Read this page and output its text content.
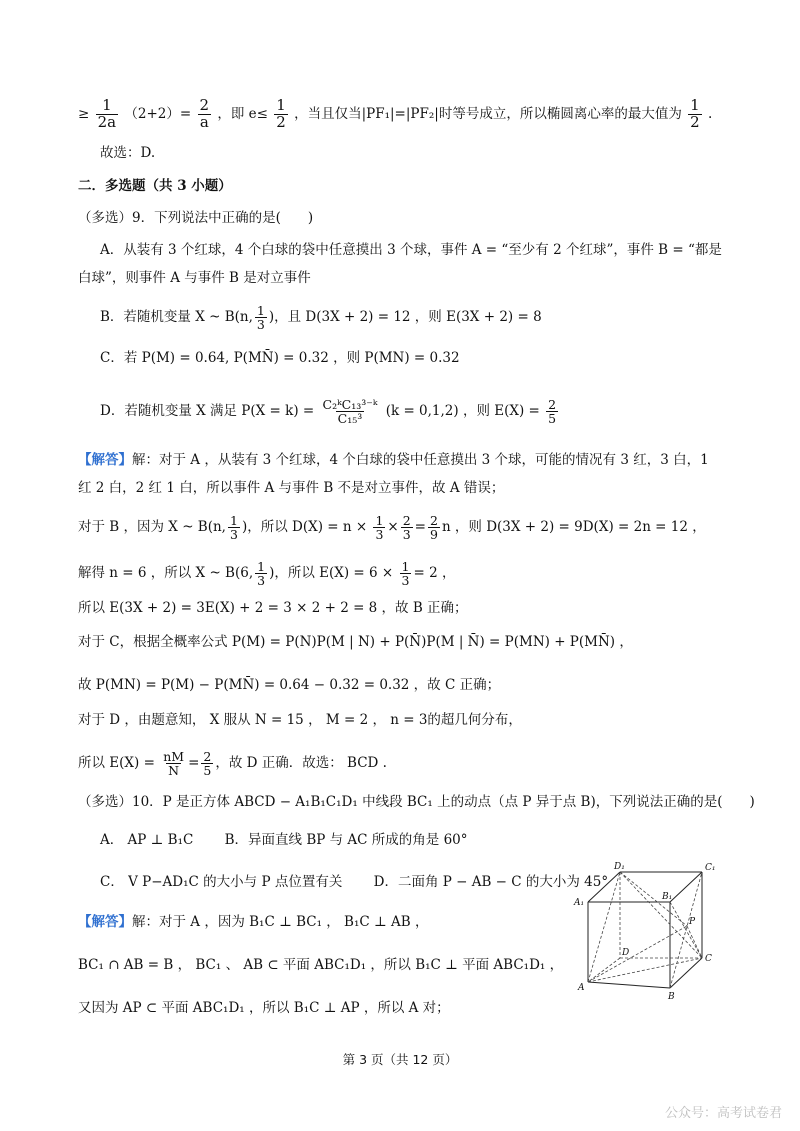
≥ $\frac{1}{2a} (2+2)= \frac{2}{a}$ ，即 $e\le \frac{1}{2}$ ，当且仅当|PF₁|=|PF₂|时等号成立，所以椭圆离心率的最大值为 $\frac{1}{2}$ .
故选：D.
二．多选题（共 3 小题）
（多选）9．下列说法中正确的是(　　)
A．从装有 3 个红球，4 个白球的袋中任意摸出 3 个球，事件 A = “至少有 2 个红球”，事件 B = “都是
白球”，则事件 A 与事件 B 是对立事件
B．若随机变量 X ~ B(n, $\frac{1}{3}$ )，且 D(3X + 2) = 12 ，则 E(3X + 2) = 8
C．若 P(M) = 0.64, P(MN̄) = 0.32 ，则 P(MN) = 0.32
D．若随机变量 X 满足 $P(X = k) = \frac{\text{C₂ᵏC₁₃³⁻ᵏ}}{\text{C₁₅³}} (k = 0,1,2)$ ，则 $E(X) = \frac{2}{5}$
【解答】解：对于 A ，从装有 3 个红球，4 个白球的袋中任意摸出 3 个球，可能的情况有 3 红，3 白，1
红 2 白，2 红 1 白，所以事件 A 与事件 B 不是对立事件，故 A 错误；
对于 B ，因为 X ~ B(n, $\frac{1}{3}$ )，所以 $D(X) = n \times \frac{1}{3} \times \frac{2}{3} = \frac{2}{9}$ n ，则 D(3X + 2) = 9D(X) = 2n = 12 ，
解得 n = 6 ，所以 X ~ B(6, $\frac{1}{3}$ )，所以 $E(X) = 6 \times \frac{1}{3} = 2$ ，
所以 E(3X + 2) = 3E(X) + 2 = 3 × 2 + 2 = 8 ，故 B 正确；
对于 C，根据全概率公式 P(M) = P(N)P(M | N) + P(N̄)P(M | N̄) = P(MN) + P(MN̄) ，
故 P(MN) = P(M) − P(MN̄) = 0.64 − 0.32 = 0.32 ，故 C 正确；
对于 D ，由题意知， X 服从 N = 15 ， M = 2 ， n = 3的超几何分布，
所以 $E(X) = \frac{nM}{N} = \frac{2}{5}$ ，故 D 正确．故选： BCD .
（多选）10．P 是正方体 ABCD − A₁B₁C₁D₁ 中线段 BC₁ 上的动点（点 P 异于点 B)，下列说法正确的是(　　)
A． AP ⊥ B₁C　　 B．异面直线 BP 与 AC 所成的角是 60°
C． V P−AD₁C 的大小与 P 点位置有关　　 D．二面角 P − AB − C 的大小为 45°
【解答】解：对于 A ，因为 B₁C ⊥ BC₁ ， B₁C ⊥ AB ，
BC₁ ∩ AB = B ， BC₁ 、 AB ⊂ 平面 ABC₁D₁ ，所以 B₁C ⊥ 平面 ABC₁D₁ ，
又因为 AP ⊂ 平面 ABC₁D₁ ，所以 B₁C ⊥ AP ，所以 A 对；
D₁	C₁
A₁
B₁
P
D
C
A
B
第 3 页（共 12 页）
公众号：高考试卷君
